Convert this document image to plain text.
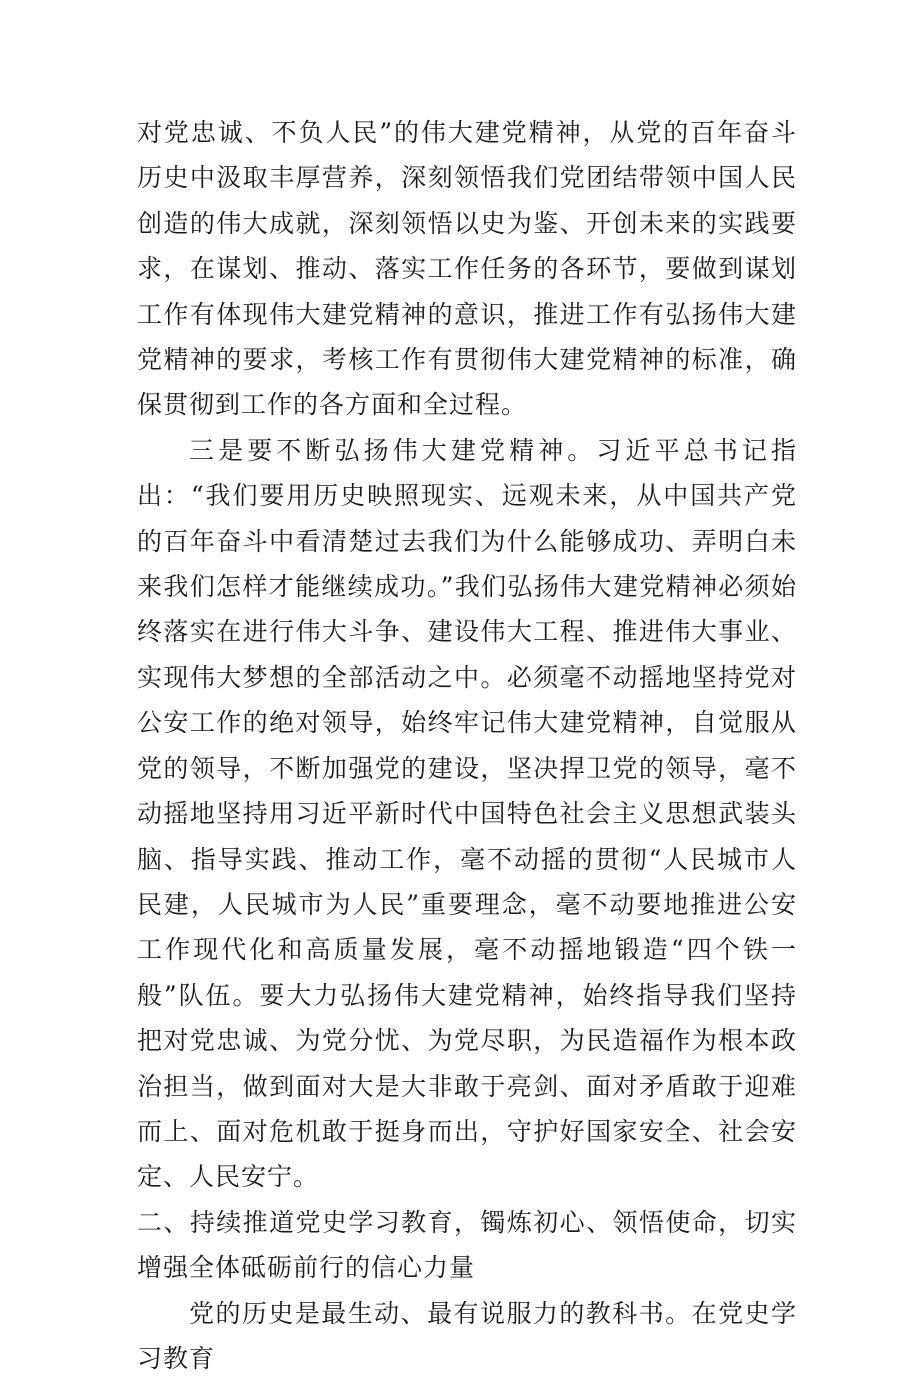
对党忠诚、不负人民”的伟大建党精神，从党的百年奋斗历史中汲取丰厚营养，深刻领悟我们党团结带领中国人民创造的伟大成就，深刻领悟以史为鉴、开创未来的实践要求，在谋划、推动、落实工作任务的各环节，要做到谋划工作有体现伟大建党精神的意识，推进工作有弘扬伟大建党精神的要求，考核工作有贯彻伟大建党精神的标准，确保贯彻到工作的各方面和全过程。

三是要不断弘扬伟大建党精神。习近平总书记指出：“我们要用历史映照现实、远观未来，从中国共产党的百年奋斗中看清楚过去我们为什么能够成功、弄明白未来我们怎样才能继续成功。”我们弘扬伟大建党精神必须始终落实在进行伟大斗争、建设伟大工程、推进伟大事业、实现伟大梦想的全部活动之中。必须毫不动摇地坚持党对公安工作的绝对领导，始终牢记伟大建党精神，自觉服从党的领导，不断加强党的建设，坚决捍卫党的领导，毫不动摇地坚持用习近平新时代中国特色社会主义思想武装头脑、指导实践、推动工作，毫不动摇的贯彻“人民城市人民建，人民城市为人民”重要理念，毫不动要地推进公安工作现代化和高质量发展，毫不动摇地锻造“四个铁一般”队伍。要大力弘扬伟大建党精神，始终指导我们坚持把对党忠诚、为党分忧、为党尽职，为民造福作为根本政治担当，做到面对大是大非敢于亮剑、面对矛盾敢于迎难而上、面对危机敢于挺身而出，守护好国家安全、社会安定、人民安宁。

二、持续推道党史学习教育，镯炼初心、领悟使命，切实增强全体砥砺前行的信心力量

党的历史是最生动、最有说服力的教科书。在党史学习教育
